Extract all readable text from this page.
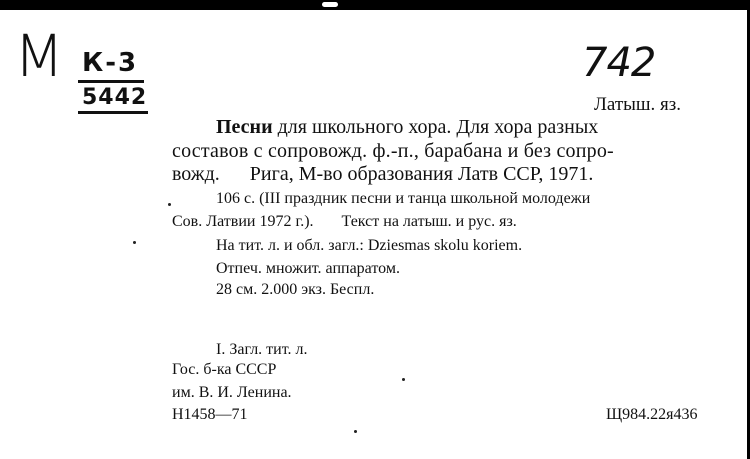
М К-3
5442
742
Латыш. яз.
Песни для школьного хора. Для хора разных
составов с сопровожд. ф.-п., барабана и без сопро-
вожд.      Рига, М-во образования Латв ССР, 1971.
106 с. (III праздник песни и танца школьной молодежи
Сов. Латвии 1972 г.).       Текст на латыш. и рус. яз.
На тит. л. и обл. загл.: Dziesmas skolu koriem.
Отпеч. множит. аппаратом.
28 см. 2.000 экз. Беспл.
I. Загл. тит. л.
Гос. б-ка СССР
им. В. И. Ленина.
Н1458—71	Щ984.22я436
